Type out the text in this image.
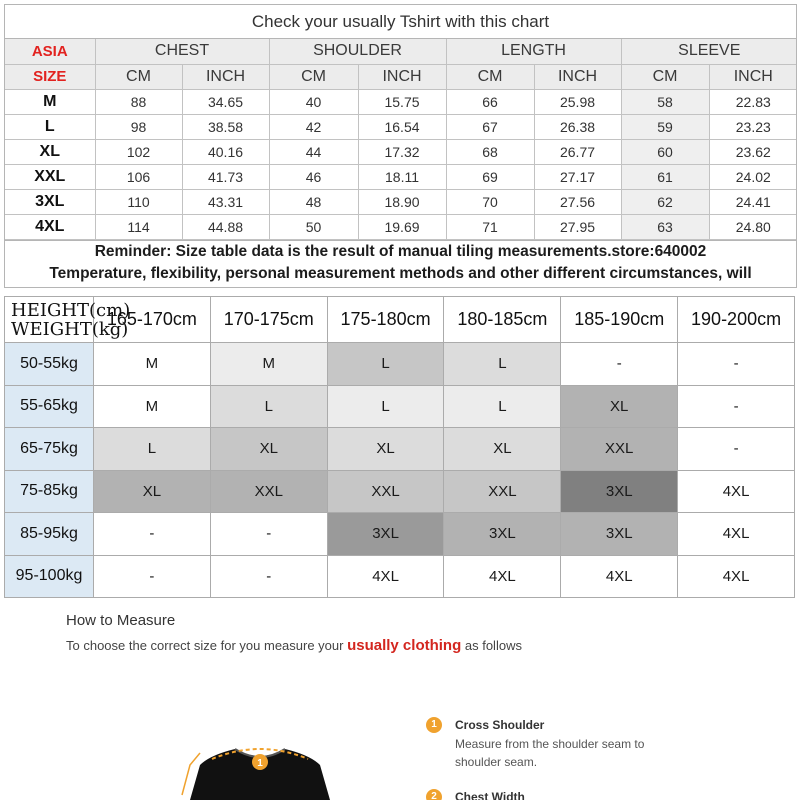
Check your usually Tshirt with this chart
ASIA	CHEST		SHOULDER		LENGTH		SLEEVE	
SIZE	CM	INCH	CM	INCH	CM	INCH	CM	INCH
M	88	34.65	40	15.75	66	25.98	58	22.83
L	98	38.58	42	16.54	67	26.38	59	23.23
XL	102	40.16	44	17.32	68	26.77	60	23.62
XXL	106	41.73	46	18.11	69	27.17	61	24.02
3XL	110	43.31	48	18.90	70	27.56	62	24.41
4XL	114	44.88	50	19.69	71	27.95	63	24.80
Reminder: Size table data is the result of manual tiling measurements.store:640002
Temperature, flexibility, personal measurement methods and other different circumstances, will
HEIGHT(cm)
WEIGHT(kg)	165-170cm	170-175cm	175-180cm	180-185cm	185-190cm	190-200cm
50-55kg	M	M	L	L	-	-
55-65kg	M	L	L	L	XL	-
65-75kg	L	XL	XL	XL	XXL	-
75-85kg	XL	XXL	XXL	XXL	3XL	4XL
85-95kg	-	-	3XL	3XL	3XL	4XL
95-100kg	-	-	4XL	4XL	4XL	4XL
How to Measure
To choose the correct size for you measure your usually clothing as follows
1
1	Cross Shoulder
Measure from the shoulder seam to shoulder seam.
2	Chest Width
